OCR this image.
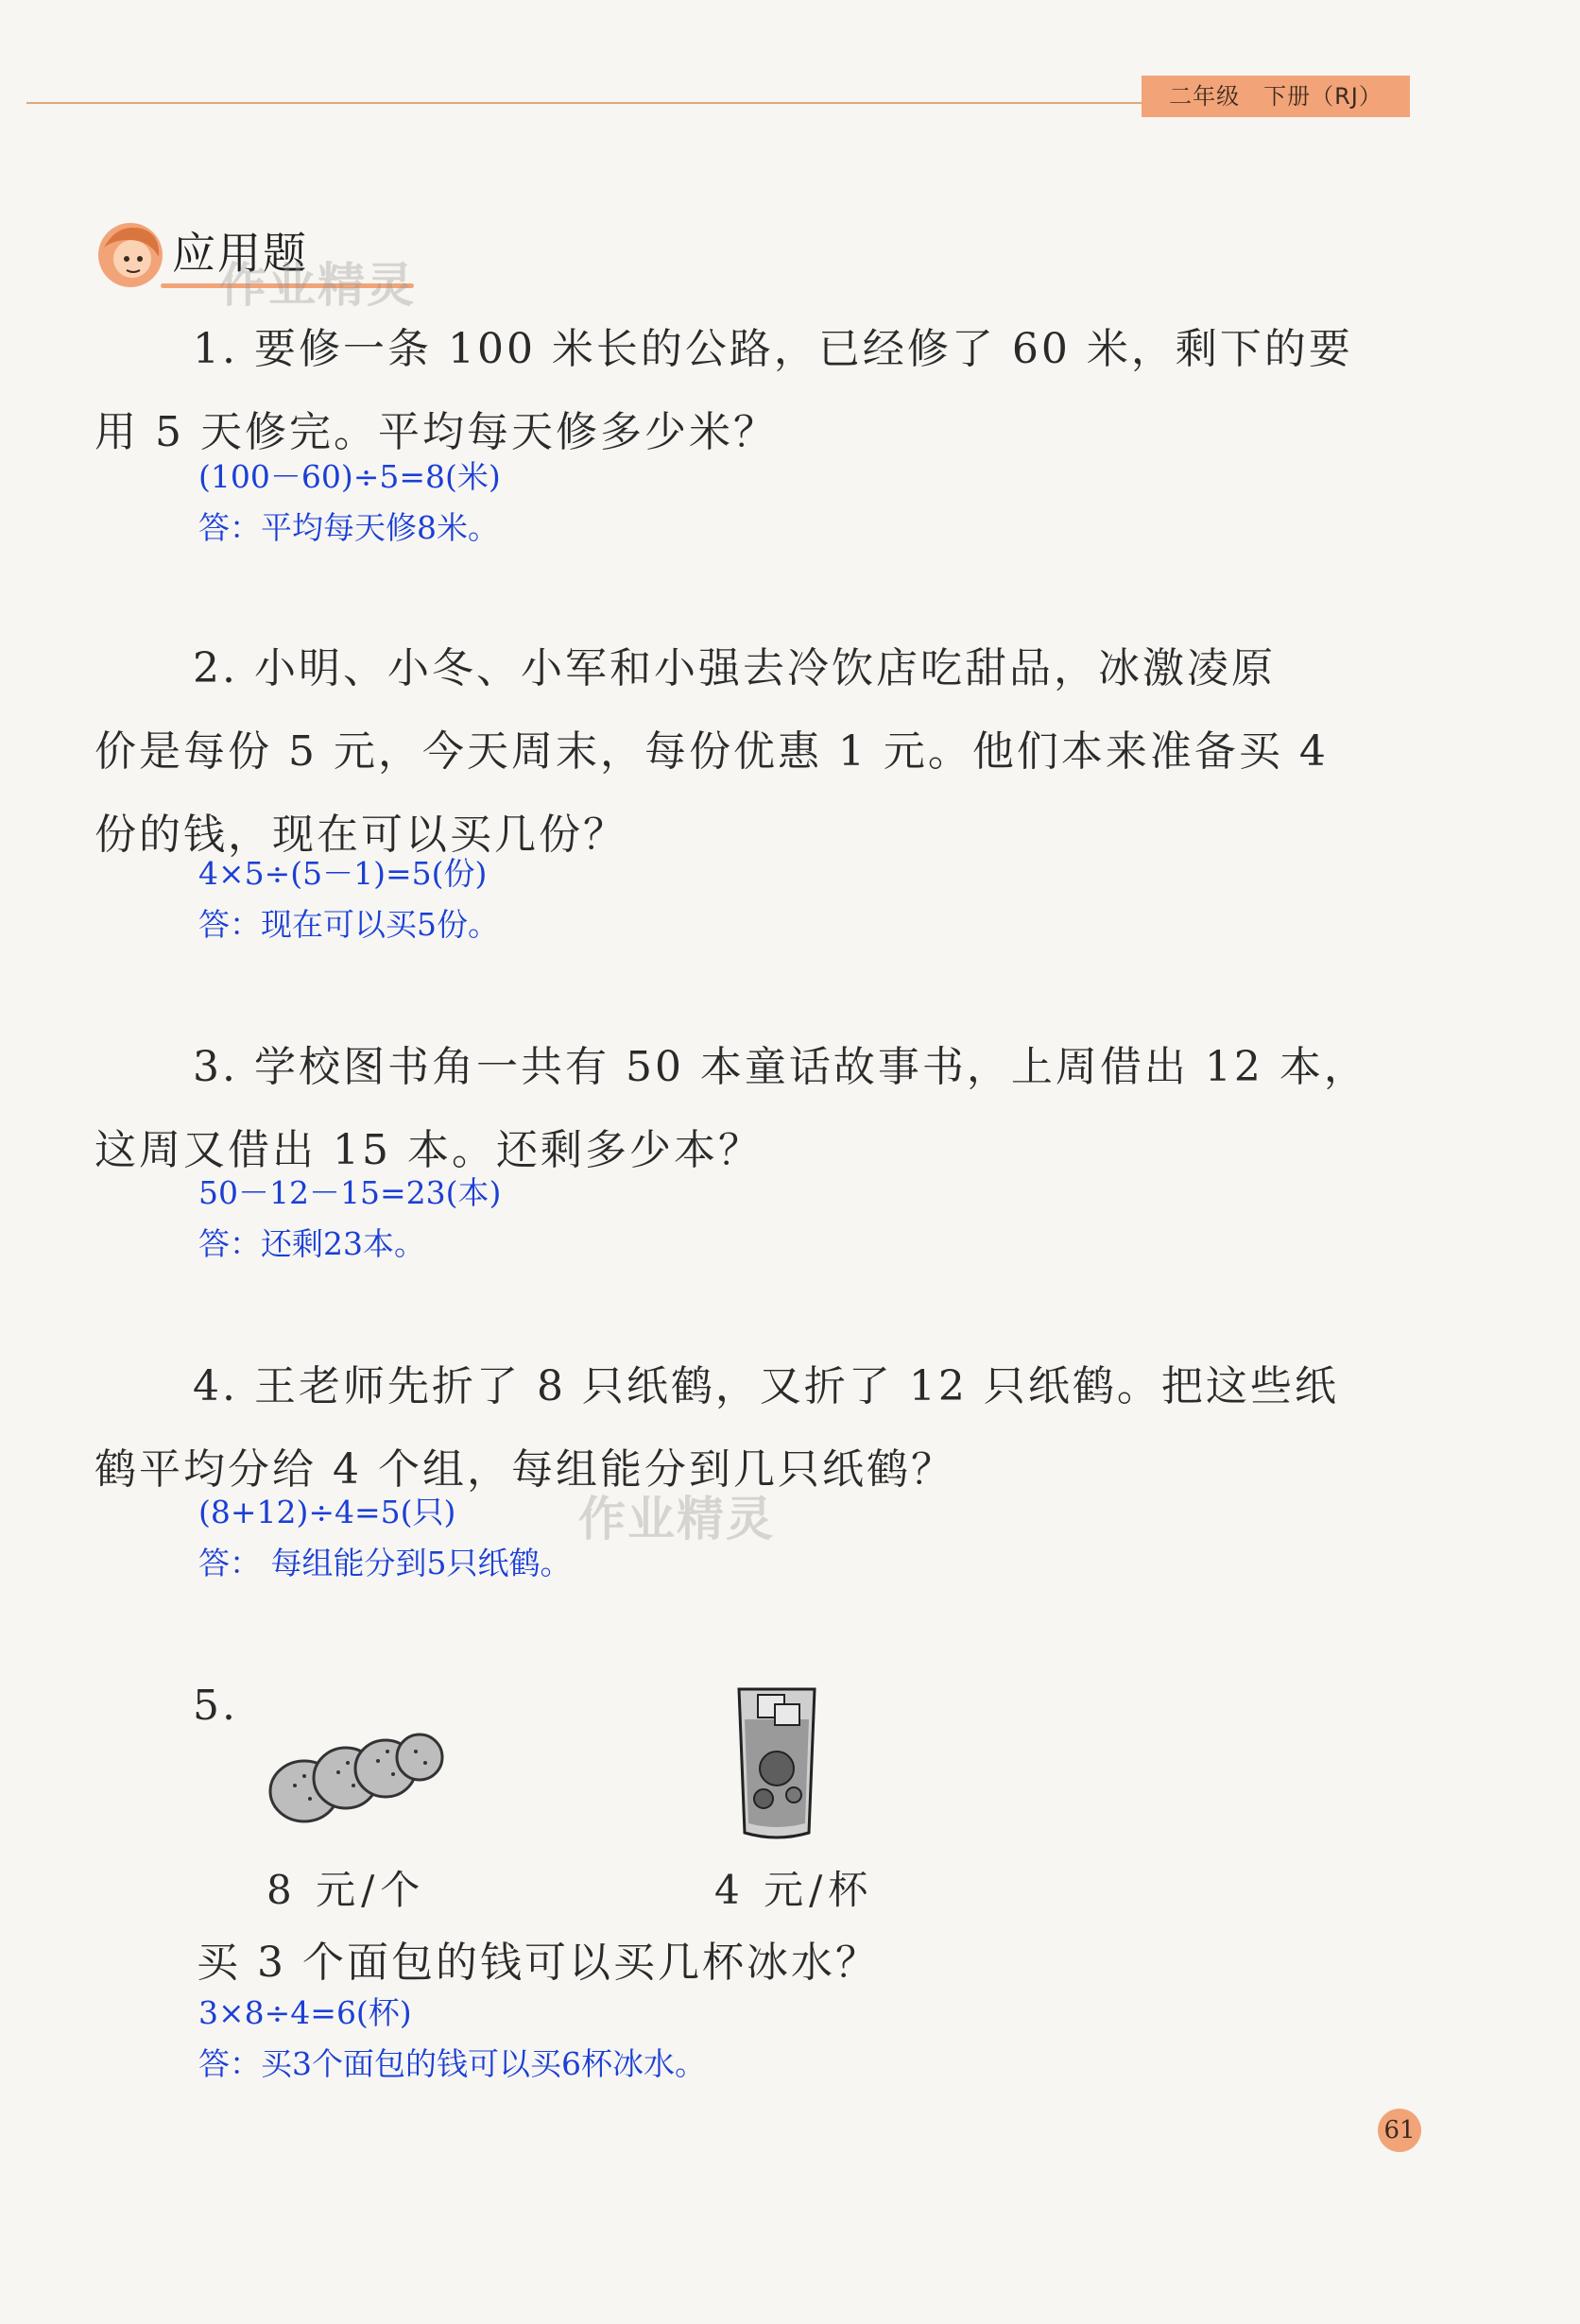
二年级　下册（RJ）
应用题
作业精灵
作业精灵

1. 要修一条 100 米长的公路，已经修了 60 米，剩下的要

用 5 天修完。平均每天修多少米？

(100－60)÷5=8(米)
答：平均每天修8米。

2. 小明、小冬、小军和小强去冷饮店吃甜品，冰激凌原

价是每份 5 元，今天周末，每份优惠 1 元。他们本来准备买 4

份的钱，现在可以买几份？

4×5÷(5－1)=5(份)
答：现在可以买5份。

3. 学校图书角一共有 50 本童话故事书，上周借出 12 本，

这周又借出 15 本。还剩多少本？

50－12－15=23(本)
答：还剩23本。

4. 王老师先折了 8 只纸鹤，又折了 12 只纸鹤。把这些纸

鹤平均分给 4 个组，每组能分到几只纸鹤？

(8+12)÷4=5(只)
答： 每组能分到5只纸鹤。
5.
8 元/个	4 元/杯
买 3 个面包的钱可以买几杯冰水？
3×8÷4=6(杯)
答：买3个面包的钱可以买6杯冰水。
61
